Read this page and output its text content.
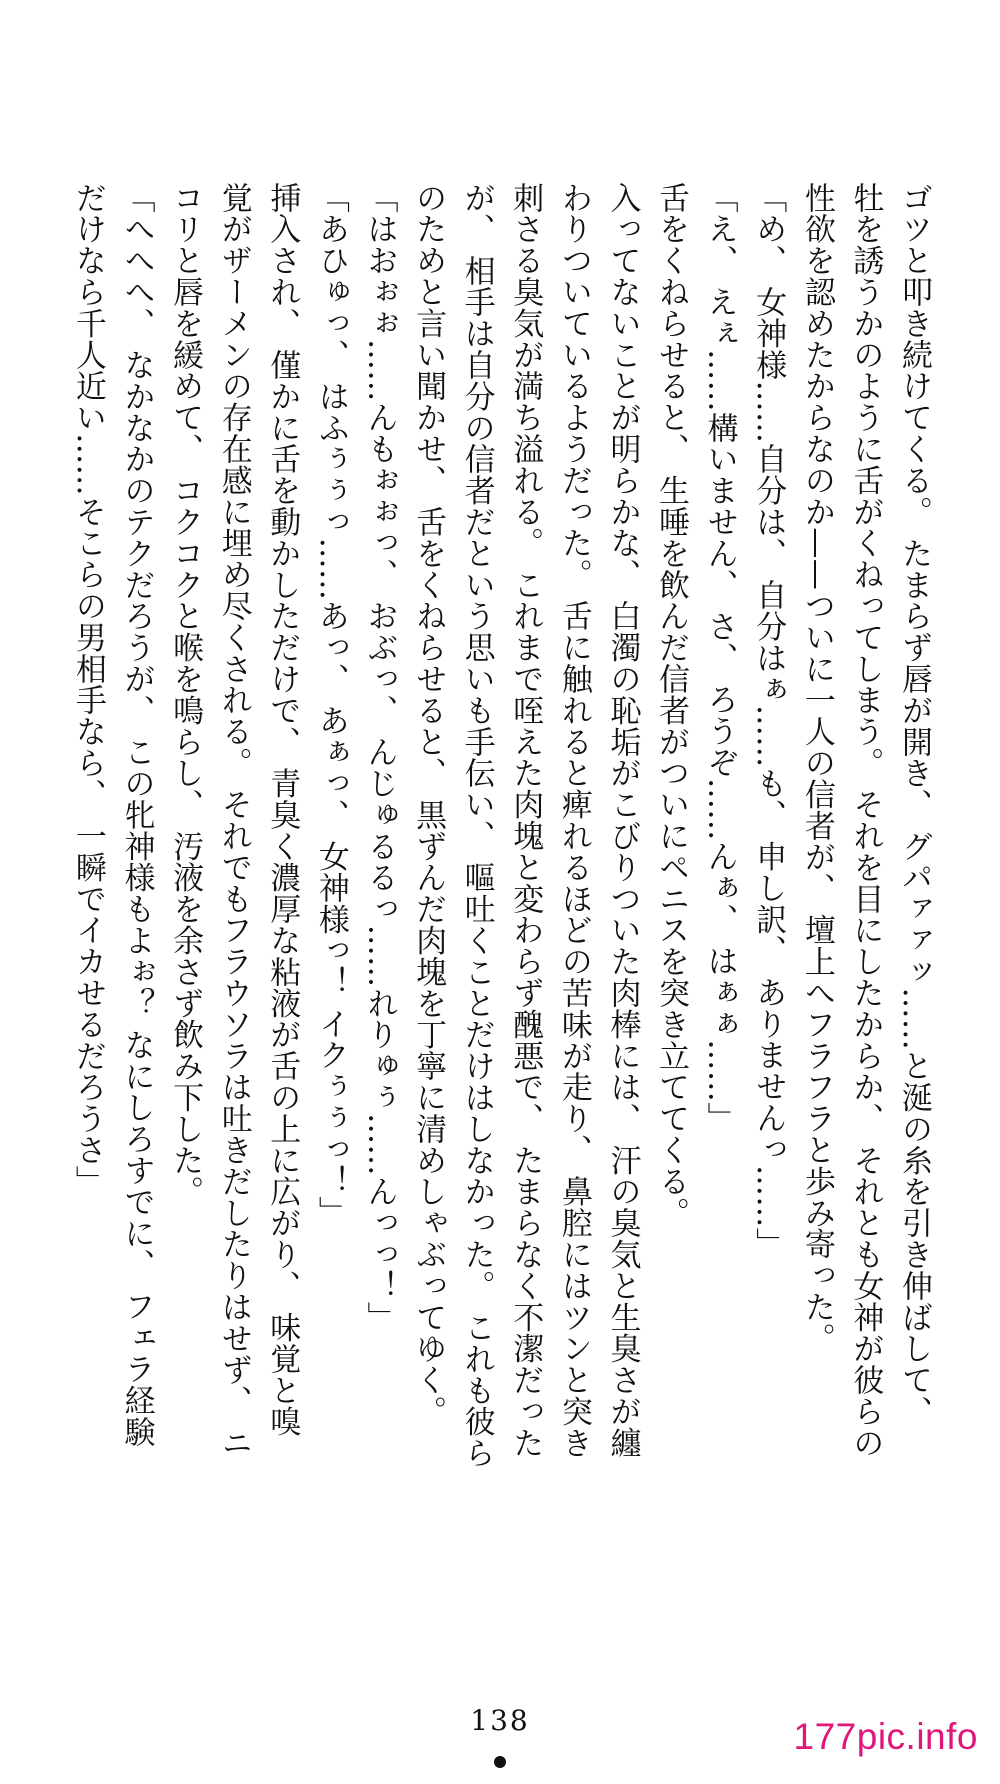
ゴツと叩き続けてくる。 たまらず唇が開き、 グパァァッ……と涎の糸を引き伸ばして、

牡を誘うかのように舌がくねってしまう。 それを目にしたからか、 それとも女神が彼らの

性欲を認めたからなのか——ついに一人の信者が、 壇上へフラフラと歩み寄った。

「め、 女神様……自分は、 自分はぁ……も、 申し訳、 ありませんっ……」

「え、 えぇ……構いません、 さ、 ろうぞ……んぁ、 はぁぁ……」

舌をくねらせると、 生唾を飲んだ信者がついにペニスを突き立ててくる。

入ってないことが明らかな、 白濁の恥垢がこびりついた肉棒には、 汗の臭気と生臭さが纏

わりついているようだった。 舌に触れると痺れるほどの苦味が走り、 鼻腔にはツンと突き

刺さる臭気が満ち溢れる。 これまで咥えた肉塊と変わらず醜悪で、 たまらなく不潔だった

が、 相手は自分の信者だという思いも手伝い、 嘔吐くことだけはしなかった。 これも彼ら

のためと言い聞かせ、 舌をくねらせると、 黒ずんだ肉塊を丁寧に清めしゃぶってゆく。

「はおぉぉ……んもぉぉっ、 おぶっ、 んじゅるるっ……れりゅぅ……んっっ！」

「あひゅっ、 はふぅぅっ……あっ、 あぁっ、 女神様っ！ イクぅぅっ！」

挿入され、 僅かに舌を動かしただけで、 青臭く濃厚な粘液が舌の上に広がり、 味覚と嗅

覚がザーメンの存在感に埋め尽くされる。 それでもフラウソラは吐きだしたりはせず、 ニ

コリと唇を緩めて、 コクコクと喉を鳴らし、 汚液を余さず飲み下した。

「へへへ、 なかなかのテクだろうが、 この牝神様もよぉ？ なにしろすでに、 フェラ経験

だけなら千人近い……そこらの男相手なら、 一瞬でイカせるだろうさ」

138	177pic.info
